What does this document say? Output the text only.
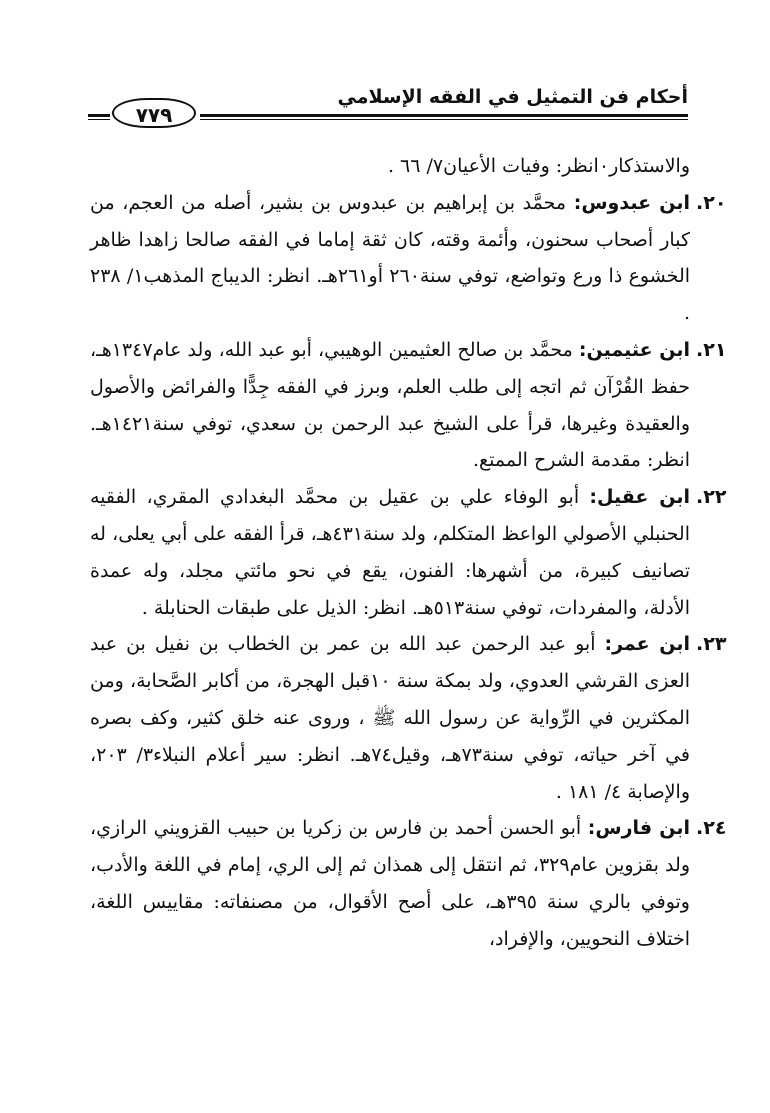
أحكام فن التمثيل في الفقه الإسلامي
٧٧٩

والاستذكار٠انظر: وفيات الأعيان٧/ ٦٦ .

٢٠.
ابن عبدوس: محمَّد بن إبراهيم بن عبدوس بن بشير، أصله من العجم، من كبار أصحاب سحنون، وأئمة وقته، كان ثقة إماما في الفقه صالحا زاهدا ظاهر الخشوع ذا ورع وتواضع، توفي سنة٢٦٠ أو٢٦١هـ. انظر: الديباج المذهب١/ ٢٣٨ .

٢١.
ابن عثيمين: محمَّد بن صالح العثيمين الوهيبي، أبو عبد الله، ولد عام١٣٤٧هـ، حفظ القُرْآن ثم اتجه إلى طلب العلم، وبرز في الفقه جِدًّا والفرائض والأصول والعقيدة وغيرها، قرأ على الشيخ عبد الرحمن بن سعدي، توفي سنة١٤٢١هـ. انظر: مقدمة الشرح الممتع.

٢٢.
ابن عقيل: أبو الوفاء علي بن عقيل بن محمَّد البغدادي المقري، الفقيه الحنبلي الأصولي الواعظ المتكلم، ولد سنة٤٣١هـ، قرأ الفقه على أبي يعلى، له تصانيف كبيرة، من أشهرها: الفنون، يقع في نحو مائتي مجلد، وله عمدة الأدلة، والمفردات، توفي سنة٥١٣هـ. انظر: الذيل على طبقات الحنابلة .

٢٣.
ابن عمر: أبو عبد الرحمن عبد الله بن عمر بن الخطاب بن نفيل بن عبد العزى القرشي العدوي، ولد بمكة سنة ١٠قبل الهجرة، من أكابر الصَّحابة، ومن المكثرين في الرِّواية عن رسول الله ﷺ ، وروى عنه خلق كثير، وكف بصره في آخر حياته، توفي سنة٧٣هـ، وقيل٧٤هـ. انظر: سير أعلام النبلاء٣/ ٢٠٣، والإصابة ٤/ ١٨١ .

٢٤.
ابن فارس: أبو الحسن أحمد بن فارس بن زكريا بن حبيب القزويني الرازي، ولد بقزوين عام٣٢٩، ثم انتقل إلى همذان ثم إلى الري، إمام في اللغة والأدب، وتوفي بالري سنة ٣٩٥هـ، على أصح الأقوال، من مصنفاته: مقاييس اللغة، اختلاف النحويين، والإفراد،
